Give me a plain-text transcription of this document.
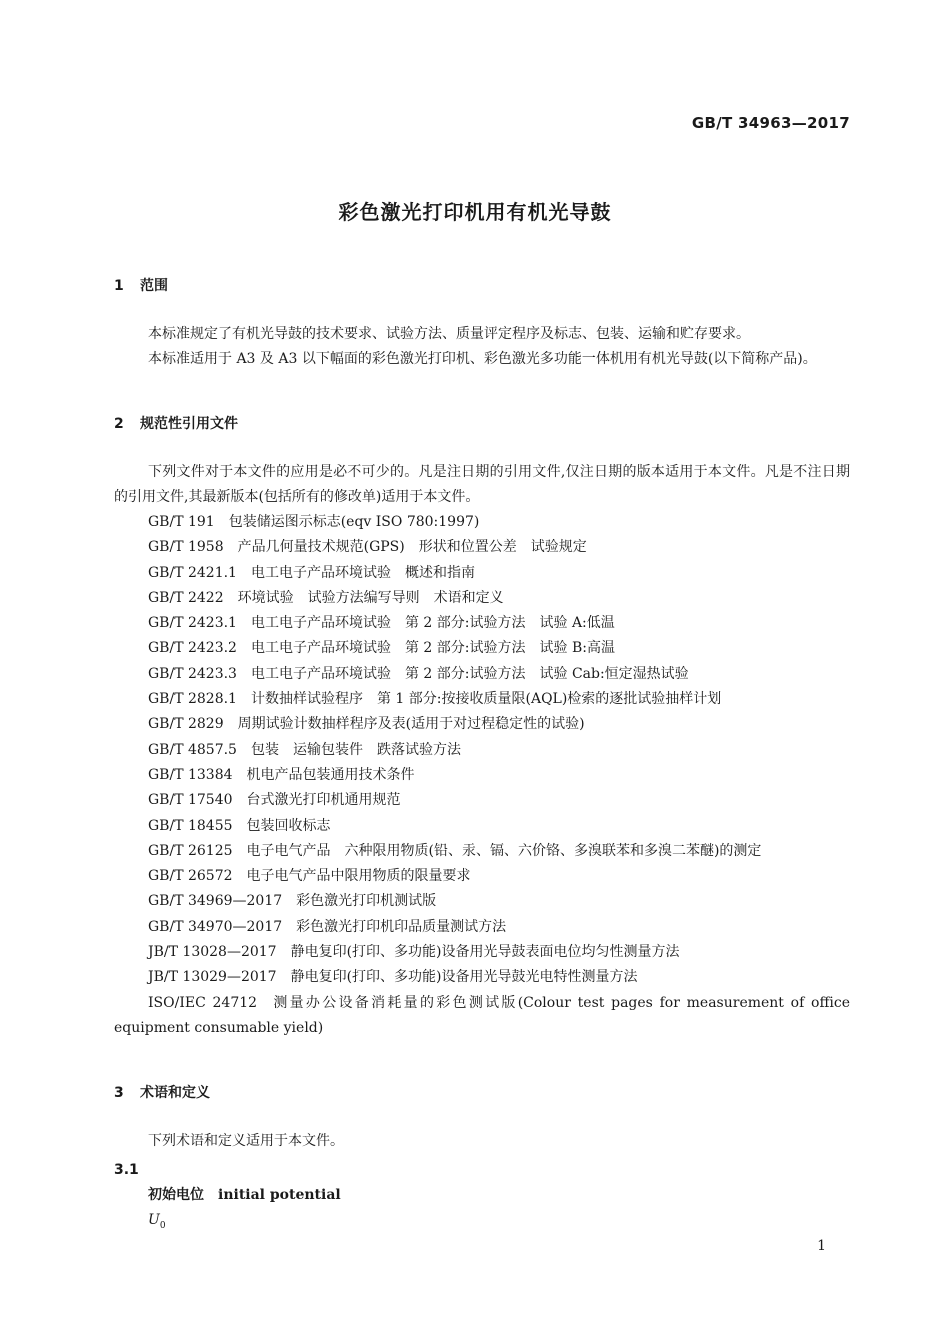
GB/T 34963—2017
彩色激光打印机用有机光导鼓
1 范围
本标准规定了有机光导鼓的技术要求、试验方法、质量评定程序及标志、包装、运输和贮存要求。
本标准适用于 A3 及 A3 以下幅面的彩色激光打印机、彩色激光多功能一体机用有机光导鼓(以下简称产品)。
2 规范性引用文件
下列文件对于本文件的应用是必不可少的。凡是注日期的引用文件,仅注日期的版本适用于本文件。凡是不注日期的引用文件,其最新版本(包括所有的修改单)适用于本文件。
GB/T 191 包装储运图示标志(eqv ISO 780:1997)
GB/T 1958 产品几何量技术规范(GPS)　形状和位置公差　试验规定
GB/T 2421.1 电工电子产品环境试验　概述和指南
GB/T 2422 环境试验　试验方法编写导则　术语和定义
GB/T 2423.1 电工电子产品环境试验　第 2 部分:试验方法　试验 A:低温
GB/T 2423.2 电工电子产品环境试验　第 2 部分:试验方法　试验 B:高温
GB/T 2423.3 电工电子产品环境试验　第 2 部分:试验方法　试验 Cab:恒定湿热试验
GB/T 2828.1 计数抽样试验程序　第 1 部分:按接收质量限(AQL)检索的逐批试验抽样计划
GB/T 2829 周期试验计数抽样程序及表(适用于对过程稳定性的试验)
GB/T 4857.5 包装　运输包装件　跌落试验方法
GB/T 13384 机电产品包装通用技术条件
GB/T 17540 台式激光打印机通用规范
GB/T 18455 包装回收标志
GB/T 26125 电子电气产品　六种限用物质(铅、汞、镉、六价铬、多溴联苯和多溴二苯醚)的测定
GB/T 26572 电子电气产品中限用物质的限量要求
GB/T 34969—2017 彩色激光打印机测试版
GB/T 34970—2017 彩色激光打印机印品质量测试方法
JB/T 13028—2017 静电复印(打印、多功能)设备用光导鼓表面电位均匀性测量方法
JB/T 13029—2017 静电复印(打印、多功能)设备用光导鼓光电特性测量方法
ISO/IEC 24712 测量办公设备消耗量的彩色测试版(Colour test pages for measurement of office equipment consumable yield)
3 术语和定义
下列术语和定义适用于本文件。
3.1
初始电位 initial potential
$U_0$
1
